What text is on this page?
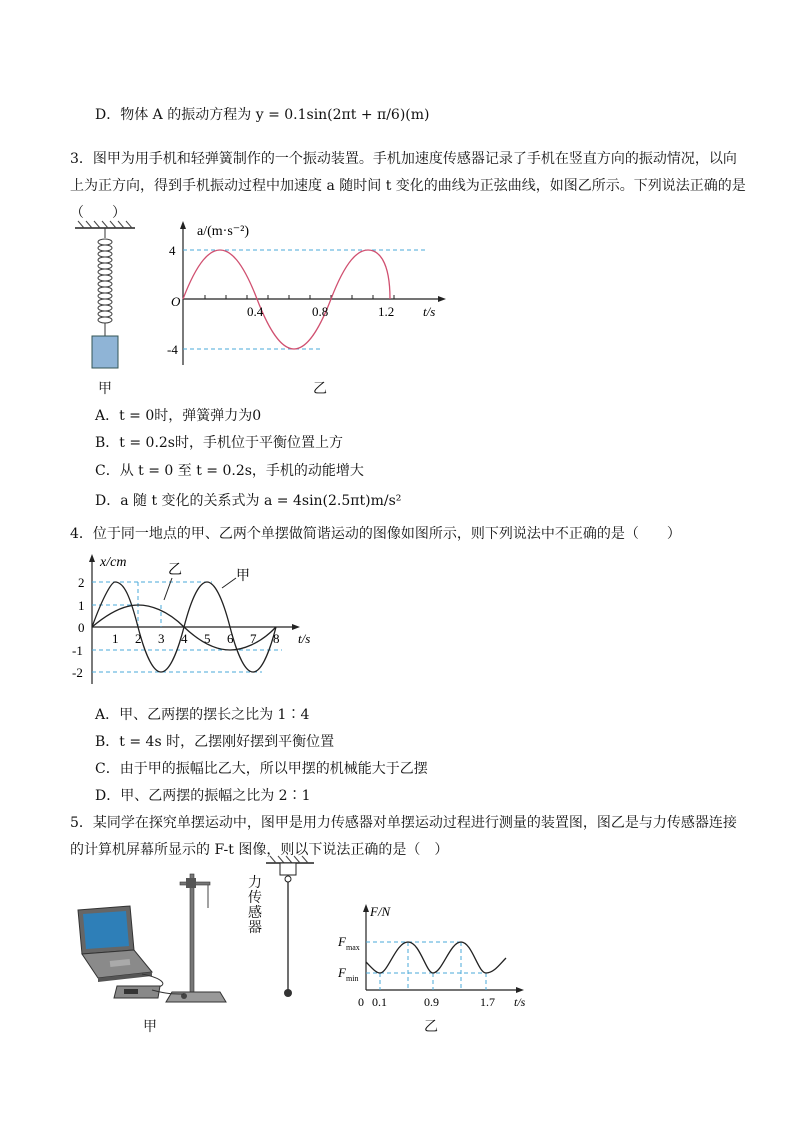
D．物体 A 的振动方程为 y = 0.1sin(2πt + π/6)(m)
3．图甲为用手机和轻弹簧制作的一个振动装置。手机加速度传感器记录了手机在竖直方向的振动情况，以向上为正方向，得到手机振动过程中加速度 a 随时间 t 变化的曲线为正弦曲线，如图乙所示。下列说法正确的是（　　）
甲
a/(m·s⁻²)
4
-4
O
0.4	0.8	1.2 t/s
乙
A．t = 0时，弹簧弹力为0
B．t = 0.2s时，手机位于平衡位置上方
C．从 t = 0 至 t = 0.2s，手机的动能增大
D．a 随 t 变化的关系式为 a = 4sin(2.5πt)m/s²
4．位于同一地点的甲、乙两个单摆做简谐运动的图像如图所示，则下列说法中不正确的是（　　）
x/cm
2
1
0
-1
-2
1 2 3 4 5 6 7 8 t/s
乙	甲
A．甲、乙两摆的摆长之比为 1∶4
B．t = 4s 时，乙摆刚好摆到平衡位置
C．由于甲的振幅比乙大，所以甲摆的机械能大于乙摆
D．甲、乙两摆的振幅之比为 2∶1
5．某同学在探究单摆运动中，图甲是用力传感器对单摆运动过程进行测量的装置图，图乙是与力传感器连接的计算机屏幕所显示的 F-t 图像，则以下说法正确的是（　）
甲
力
传
感
器
F/N
F max
F min
0 0.1	0.9	1.7 t/s
乙
